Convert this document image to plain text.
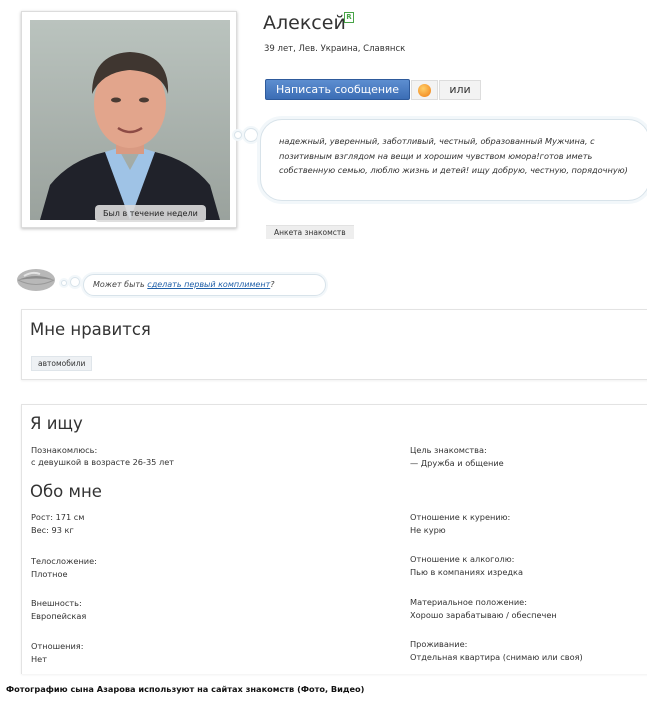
Был в течение недели
Алексей R
39 лет, Лев. Украина, Славянск
Написать сообщение	или
надежный, уверенный, заботливый, честный, образованный Мужчина, с позитивным взглядом на вещи и хорошим чувством юмора!готов иметь собственную семью, люблю жизнь и детей! ищу добрую, честную, порядочную)
Анкета знакомств
Может быть сделать первый комплимент?
Мне нравится
автомобили
Я ищу
Познакомлюсь:
с девушкой в возрасте 26-35 лет
Цель знакомства:
— Дружба и общение
Обо мне
Рост: 171 см
Вес: 93 кг
Отношение к курению:
Не курю
Телосложение:
Плотное
Отношение к алкоголю:
Пью в компаниях изредка
Внешность:
Европейская
Материальное положение:
Хорошо зарабатываю / обеспечен
Отношения:
Нет
Проживание:
Отдельная квартира (снимаю или своя)
Фотографию сына Азарова используют на сайтах знакомств (Фото, Видео)
